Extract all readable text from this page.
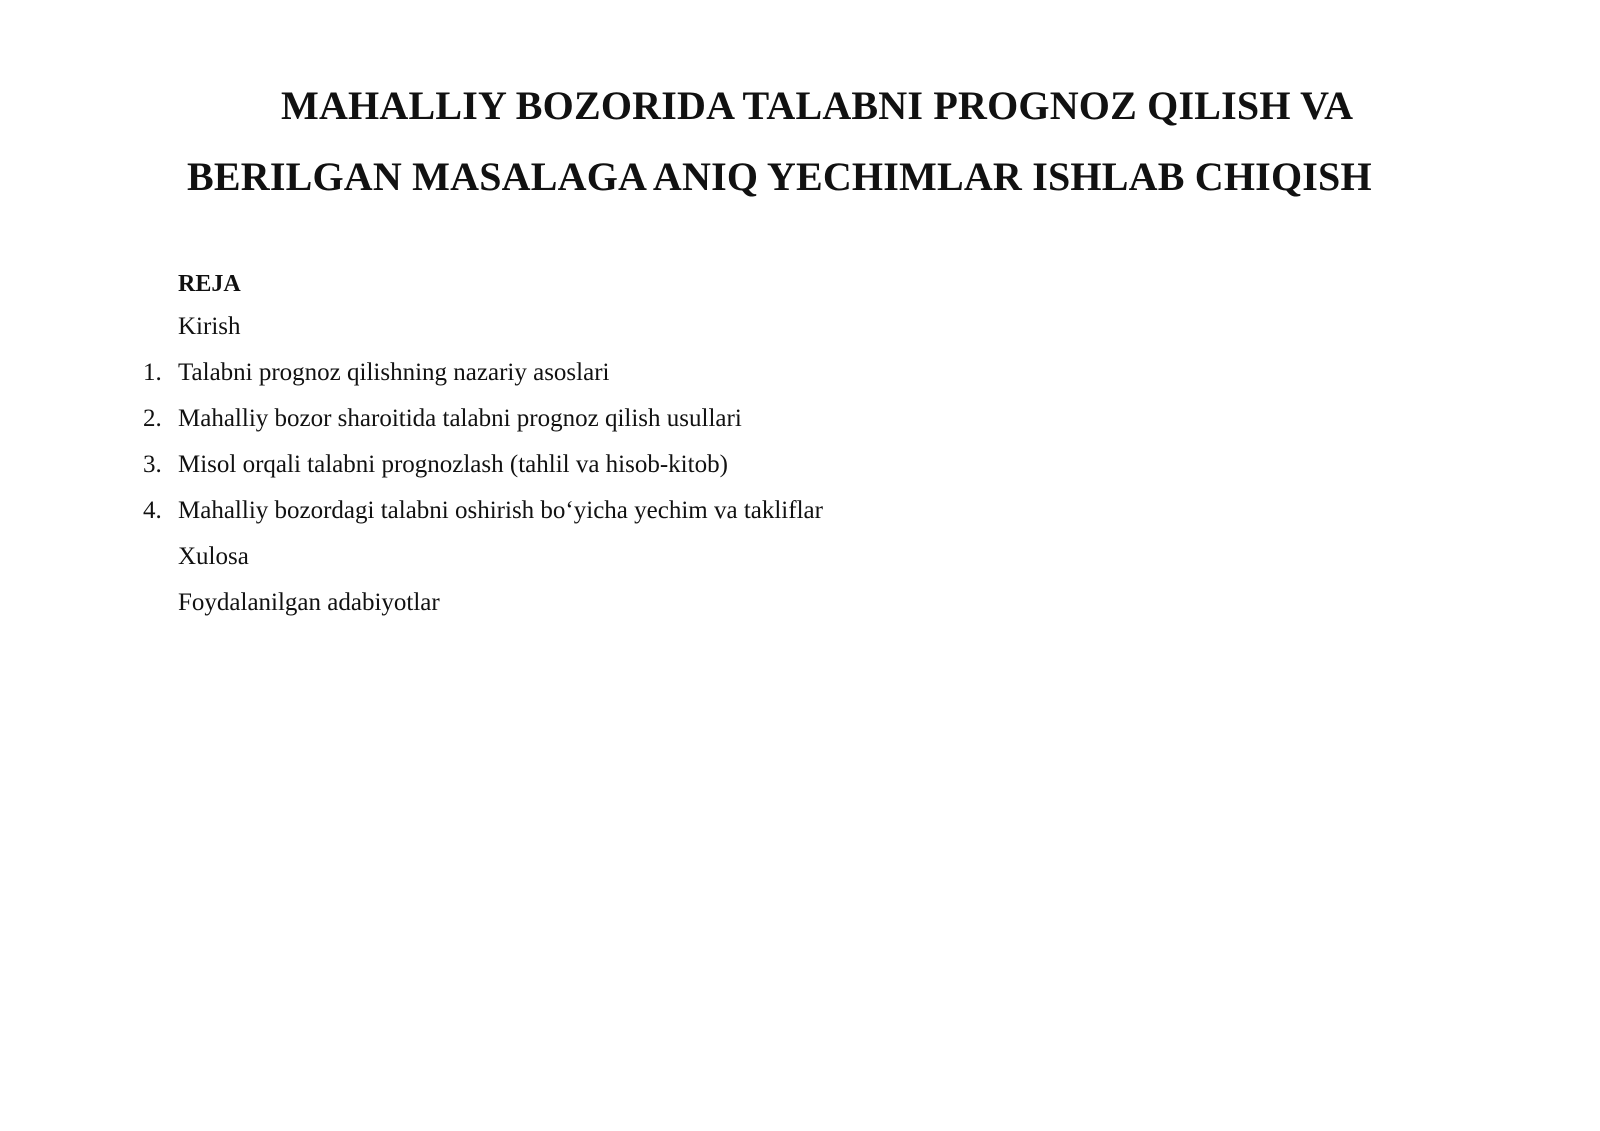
MAHALLIY BOZORIDA TALABNI PROGNOZ QILISH VA
BERILGAN MASALAGA ANIQ YECHIMLAR ISHLAB CHIQISH
REJA
Kirish
1. Talabni prognoz qilishning nazariy asoslari
2. Mahalliy bozor sharoitida talabni prognoz qilish usullari
3. Misol orqali talabni prognozlash (tahlil va hisob-kitob)
4. Mahalliy bozordagi talabni oshirish bo‘yicha yechim va takliflar
Xulosa
Foydalanilgan adabiyotlar
